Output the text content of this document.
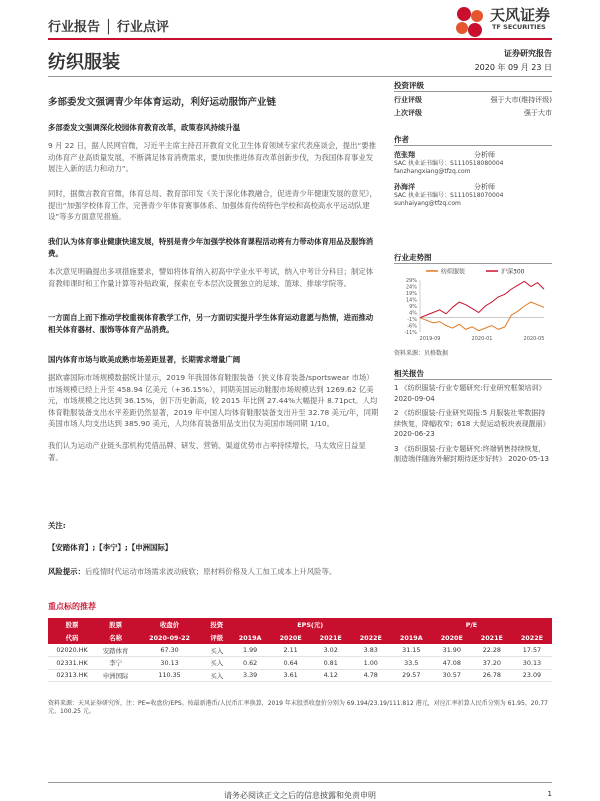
行业报告 │ 行业点评
天风证券
TF SECURITIES
纺织服装	证券研究报告
2020 年 09 月 23 日
多部委发文强调青少年体育运动，利好运动服饰产业链
多部委发文强调深化校园体育教育改革，政策春风持续升温
9 月 22 日，据人民网官微，习近平主席主持召开教育文化卫生体育领域专家代表座谈会，提出“要推动体育产业高质量发展，不断满足体育消费需求，要加快推进体育改革创新步伐，为我国体育事业发展注入新的活力和动力”。
同时，据微言教育官微，体育总局、教育部印发《关于深化体教融合，促进青少年健康发展的意见》，提出“加强学校体育工作，完善青少年体育赛事体系、加强体育传统特色学校和高校高水平运动队建设”等多方面意见措施。
我们认为体育事业健康快速发展，特别是青少年加强学校体育课程活动将有力带动体育用品及服饰消费。
本次意见明确提出多项措施要求，譬如将体育纳入初高中学业水平考试，纳入中考计分科目；制定体育教师课时和工作量计算等补贴政策，探索在专本层次设置独立的足球、篮球、排球学院等。
一方面自上而下推动学校重视体育教学工作，另一方面切实提升学生体育运动意愿与热情，进而推动相关体育器材、服饰等体育产品消费。
国内体育市场与欧美成熟市场差距显著，长期需求增量广阔
据欧睿国际市场规模数据统计显示，2019 年我国体育鞋服装备（狭义体育装备/sportswear 市场）市场规模已经上升至 458.94 亿美元（+36.15%），同期美国运动鞋服市场规模达到 1269.62 亿美元，市场规模之比达到 36.15%，创下历史新高，较 2015 年比例 27.44%大幅提升 8.71pct。人均体育鞋服装备支出水平差距仍然显著，2019 年中国人均体育鞋服装备支出升至 32.78 美元/年，同期美国市场人均支出达到 385.90 美元，人均体育装备用品支出仅为美国市场同期 1/10。
我们认为运动产业链头部机构凭借品牌、研发、营销、渠道优势市占率持续增长，马太效应日益显著。
关注:
【安踏体育】;【李宁】;【申洲国际】
风险提示：后疫情时代运动市场需求波动疲软；原材料价格及人工加工成本上升风险等。
投资评级
行业评级	强于大市(维持评级)
上次评级	强于大市
作者
范张翔	分析师
SAC 执业证书编号：S1110518080004
fanzhangxiang@tfzq.com
孙海洋	分析师
SAC 执业证书编号：S1110518070004
sunhaiyang@tfzq.com
行业走势图
纺织服装	沪深300
29%
24%
19%
14%
9%
4%
-1%
-6%
-11%
2019-09	2020-01	2020-05
资料来源：贝格数据
相关报告
1 《纺织服装-行业专题研究:行业研究框架培训》 2020-09-04
2 《纺织服装-行业研究周报:5 月服装社零数据持续恢复，降幅收窄；618 大促运动板块表现靓丽》 2020-06-23
3 《纺织服装-行业专题研究:终端销售持续恢复，制造端伴随海外解封期待逐步好转》 2020-05-13
重点标的推荐
股票	股票	收盘价	投资	EPS(元)				P/E			
代码	名称	2020-09-22	评级	2019A	2020E	2021E	2022E	2019A	2020E	2021E	2022E
02020.HK	安踏体育	67.30	买入	1.99	2.11	3.02	3.83	31.15	31.90	22.28	17.57
02331.HK	李宁	30.13	买入	0.62	0.64	0.81	1.00	33.5	47.08	37.20	30.13
02313.HK	申洲国际	110.35	买入	3.39	3.61	4.12	4.78	29.57	30.57	26.78	23.09
资料来源：天风证券研究所，注：PE=收盘价/EPS。按最新港币/人民币汇率换算，2019 年末股票收盘价分别为 69.194/23.19/111.812 港元，对应汇率折算人民币分别为 61.95、20.77 元、100.25 元。
请务必阅读正文之后的信息披露和免责申明	1
